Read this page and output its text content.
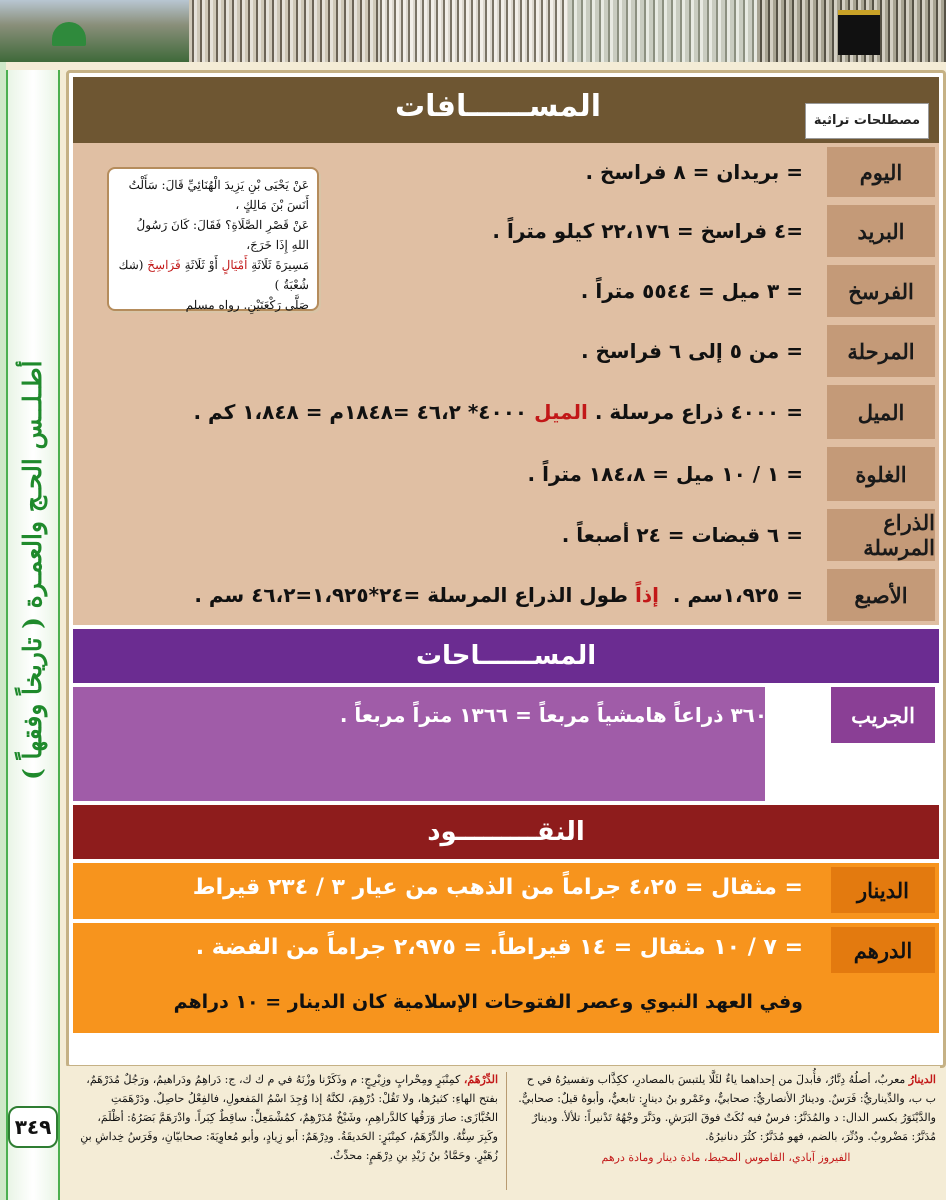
أطـلــس الحـج والعمـرة ( تاريخاً وفقهاً )
٣٤٩
المســــــافات	مصطلحات تراثية
اليوم
= بريدان = ٨ فراسخ .
البريد
=٤ فراسخ = ٢٢،١٧٦ كيلو متراً .
الفرسخ
= ٣ ميل = ٥٥٤٤ متراً .
المرحلة
= من ٥ إلى ٦ فراسخ .
الميل
= ٤٠٠٠ ذراع مرسلة .

الميل

٤٠٠٠* ٤٦،٢ =١٨٤٨م = ١،٨٤٨ كم .
الغلوة
= ١ / ١٠ ميل = ١٨٤،٨ متراً .
الذراع المرسلة
= ٦ قبضات = ٢٤ أصبعاً .
الأصبع
= ١،٩٢٥سم .

إذاً

طول الذراع المرسلة =٢٤*١،٩٢٥=٤٦،٢ سم .
عَنْ يَحْيَى بْنِ يَزِيدَ الْهُنَائِيِّ قَالَ: سَأَلْتُ أَنَسَ بْنَ مَالِكٍ ،
عَنْ قَصْرِ الصَّلَاةِ؟ فَقَالَ: كَانَ رَسُولُ اللهِ إِذَا خَرَجَ،
مَسِيرَةَ ثَلَاثَةِ أَمْيَالٍ أَوْ ثَلَاثَةِ فَرَاسِخَ (شك شُعْبَةُ )
صَلَّى رَكْعَتَيْنِ. رواه مسلم
المســــــاحات
الجريب
= ٣٦٠٠ ذراعاً هامشياً مربعاً = ١٣٦٦ متراً مربعاً .
النقـــــــــود
الدينار
= مثقال = ٤،٢٥ جراماً من الذهب من عيار ٣ / ٢٣٤ قيراط
الدرهم
= ٧ / ١٠ مثقال = ١٤ قيراطاً. = ٢،٩٧٥ جراماً من الفضة .
وفي العهد النبوي وعصر الفتوحات الإسلامية كان الدينار = ١٠ دراهم
الدينارُ معربٌ، أصلُهُ دِنَّارٌ، فأُبدلَ من إحداهما ياءٌ لئَلَّا يلتبسَ بالمصادرِ، ككِذَّاب وتفسيرُهُ في ح ب ب، والدِّيناريُّ: فَرَسٌ. ودينارُ الأنصاريُّ: صحابيٌّ، وعَمْرو بنُ دينارٍ: تابعيٌّ، وأبوهُ قيلٌ: صحابيٌّ. والدَّيْنَوَرُ بكسر الدال: د والمُدَنَّرُ: فرسٌ فيه نُكَتٌ فوقَ البَرَشِ. ودَنَّرَ وجْهُهُ تَدْنيراً: تلألأ. ودينارٌ مُدَنَّرٌ: مَضْروبٌ. ودُنِّرَ، بالضم، فهو مُدَنَّرٌ: كثُرَ دنانيرُهُ.
الفيروز آبادي، القاموس المحيط، مادة دينار ومادة درهم
الدِّرْهَمُ، كمِنْبَرٍ ومِحْرابٍ وزِبْرِجٍ: م وذَكَرْنا وزْنَهُ في م ك ك، ج: دَراهِمُ ودَراهيمُ، ورَجُلٌ مُدَرْهَمٌ، بفتح الهاءِ: كثيرُها، ولا تَقُلْ: دُرْهِمَ، لكنَّهُ إذا وُجِدَ اسْمُ المَفعولِ، فالفِعْلُ حاصِلٌ. ودَرْهَمَتِ الخُبَّازَى: صارَ وَرَقُها كالدَّراهِمِ، وشَيْخٌ مُدَرْهِمٌ، كمُشْمَعِلٍّ: ساقِطٌ كِبَراً. وادْرَهَمَّ بَصَرُهُ: أظْلَمَ، وكَبِرَ سِنُّهُ. والدِّرْهَمُ، كمِنْبَرٍ: الحَديقَةُ. ودِرْهَمٌ: أبو زِيادٍ، وأبو مُعاوِيَةَ: صحابيّانِ، وفَرَسُ خِداشِ بنِ زُهَيْرٍ. وحَمَّادُ بنُ زَيْدِ بنِ دِرْهَمٍ: محدِّثٌ.
